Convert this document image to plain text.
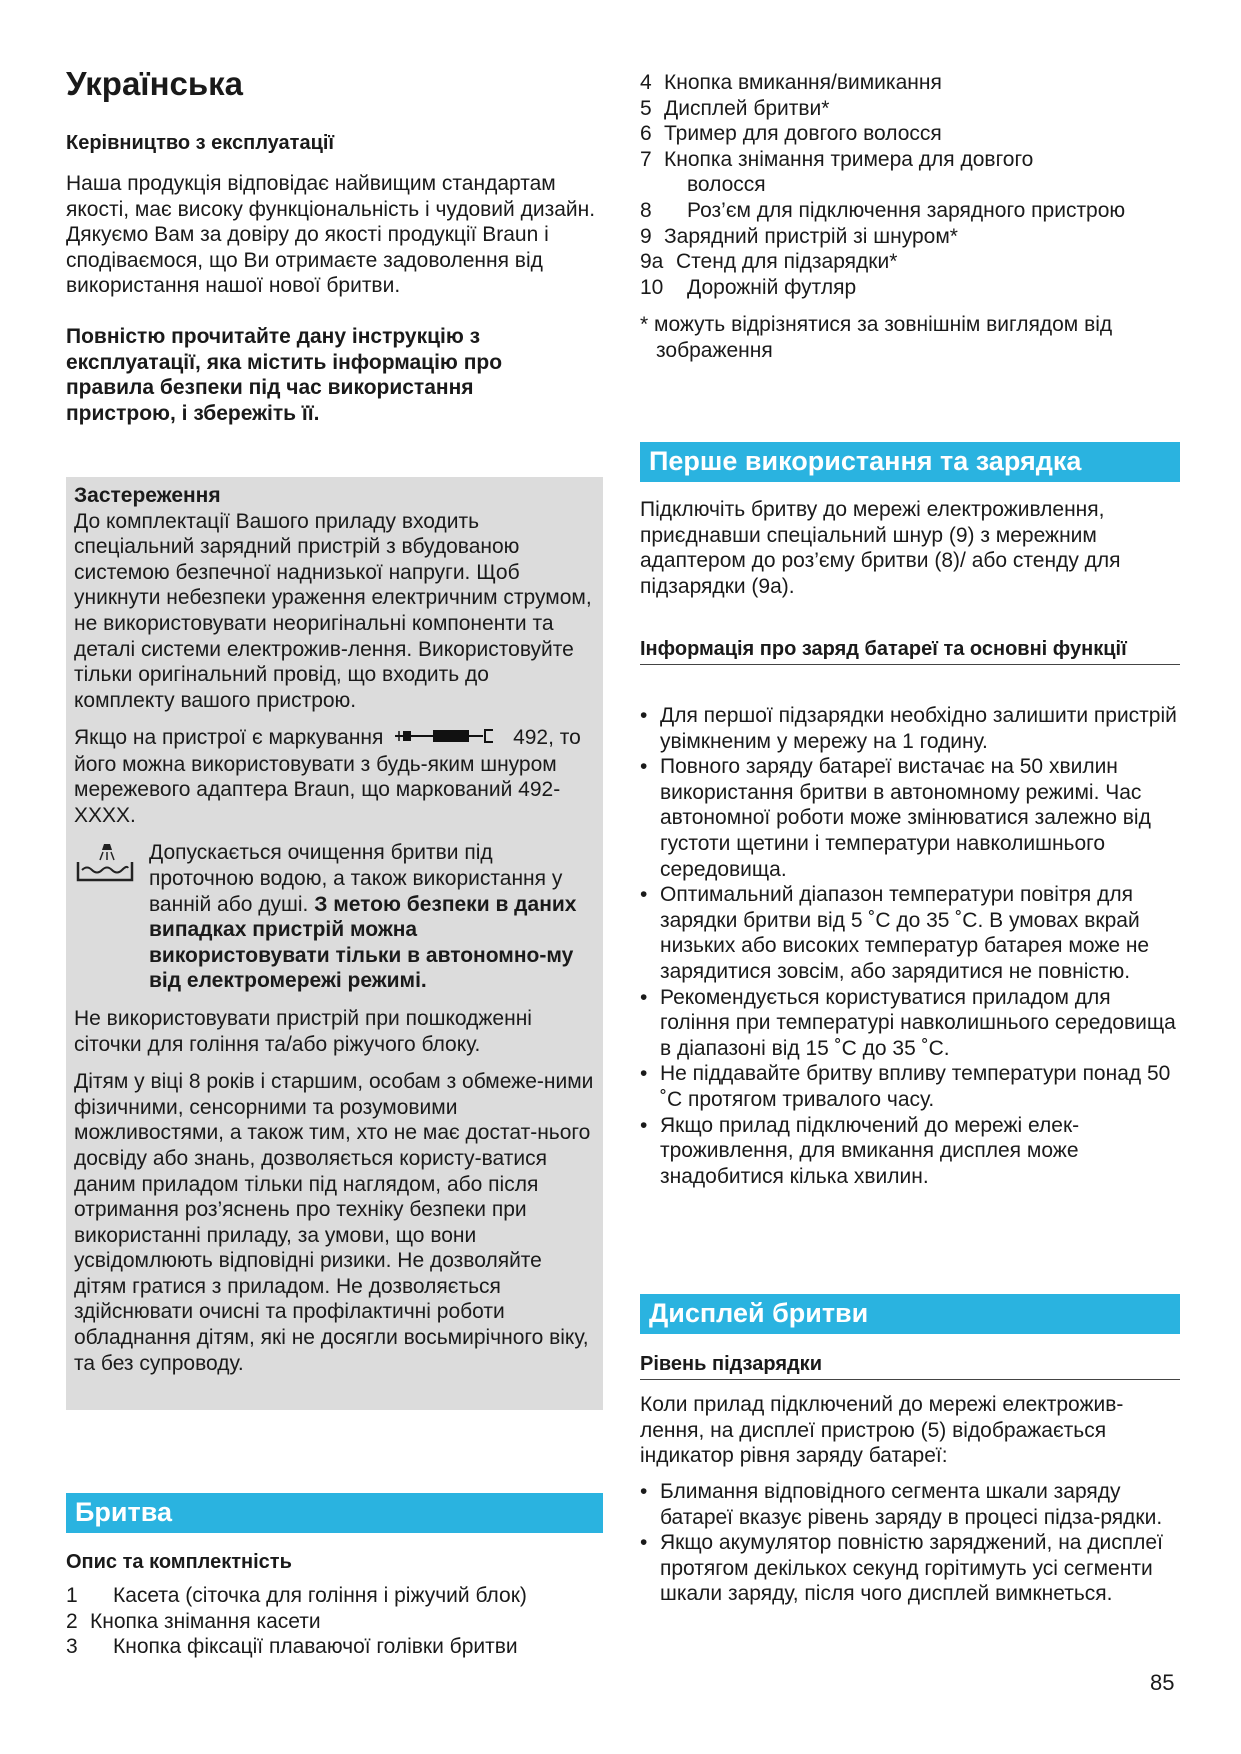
Українська
Керівництво з експлуатації

Наша продукція відповідає найвищим стандартам якості, має високу функціональність і чудовий дизайн. Дякуємо Вам за довіру до якості продукції Braun і сподіваємося, що Ви отримаєте задоволення від використання нашої нової бритви.

Повністю прочитайте дану інструкцію з експлуатації, яка містить інформацію про правила безпеки під час використання пристрою, і збережіть її.

Застереження

До комплектації Вашого приладу входить спеціальний зарядний пристрій з вбудованою системою безпечної наднизької напруги. Щоб уникнути небезпеки ураження електричним струмом, не використовувати неоригінальні компоненти та деталі системи електрожив-лення. Використовуйте тільки оригінальний провід, що входить до комплекту вашого пристрою.

Якщо на пристрої є маркування	492, то його можна використовувати з будь-яким шнуром мережевого адаптера Braun, що маркований 492-XXXX.

Допускається очищення бритви під проточною водою, а також використання у ванній або душі. З метою безпеки в даних випадках пристрій можна використовувати тільки в автономно-му від електромережі режимі.

Не використовувати пристрій при пошкодженні сіточки для гоління та/або ріжучого блоку.

Дітям у віці 8 років і старшим, особам з обмеже-ними фізичними, сенсорними та розумовими можливостями, а також тим, хто не має достат-нього досвіду або знань, дозволяється користу-ватися даним приладом тільки під наглядом, або після отримання роз’яснень про техніку безпеки при використанні приладу, за умови, що вони усвідомлюють відповідні ризики. Не дозволяйте дітям гратися з приладом. Не дозволяється здійснювати очисні та профілактичні роботи обладнання дітям, які не досягли восьмирічного віку, та без супроводу.

Бритва
Опис та комплектність

1 Касета (сіточка для гоління і ріжучий блок)

2 Кнопка знімання касети

3 Кнопка фіксації плаваючої голівки бритви

4 Кнопка вмикання/вимикання

5 Дисплей бритви*

6 Тример для довгого волосся

7 Кнопка знімання тримера для довгого

волосся

8 Роз’єм для підключення зарядного пристрою

9 Зарядний пристрій зі шнуром*

9a Стенд для підзарядки*

10 Дорожній футляр

* можуть відрізнятися за зовнішнім виглядом від зображення

Перше використання та зарядка

Підключіть бритву до мережі електроживлення, приєднавши спеціальний шнур (9) з мережним адаптером до роз’єму бритви (8)/ або стенду для підзарядки (9a).

Інформація про заряд батареї та основні функції

• Для першої підзарядки необхідно залишити пристрій увімкненим у мережу на 1 годину.

• Повного заряду батареї вистачає на 50 хвилин використання бритви в автономному режимі. Час автономної роботи може змінюватися залежно від густоти щетини і температури навколишнього середовища.

• Оптимальний діапазон температури повітря для зарядки бритви від 5 ˚C до 35 ˚C. В умовах вкрай низьких або високих температур батарея може не зарядитися зовсім, або зарядитися не повністю.

• Рекомендується користуватися приладом для гоління при температурі навколишнього середовища в діапазоні від 15 ˚C до 35 ˚C.

• Не піддавайте бритву впливу температури понад 50 ˚C протягом тривалого часу.

• Якщо прилад підключений до мережі елек-троживлення, для вмикання дисплея може знадобитися кілька хвилин.

Дисплей бритви
Рівень підзарядки

Коли прилад підключений до мережі електрожив-лення, на дисплеї пристрою (5) відображається індикатор рівня заряду батареї:

• Блимання відповідного сегмента шкали заряду батареї вказує рівень заряду в процесі підза-рядки.

• Якщо акумулятор повністю заряджений, на дисплеї протягом декількох секунд горітимуть усі сегменти шкали заряду, після чого дисплей вимкнеться.

85
